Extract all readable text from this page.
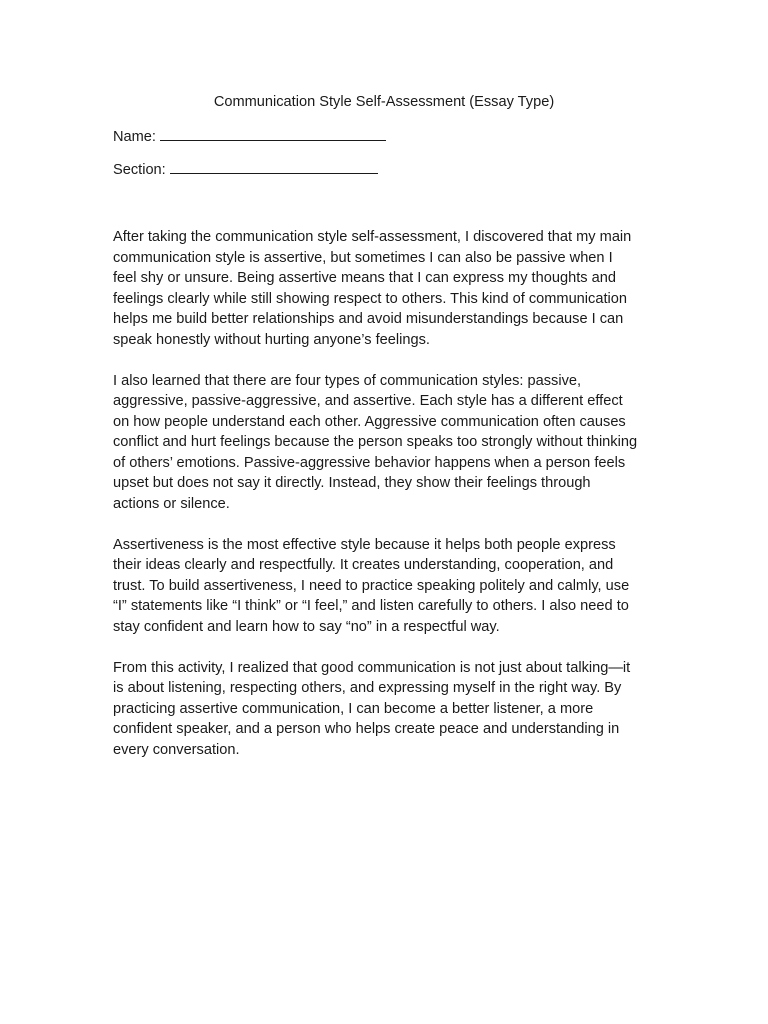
Communication Style Self-Assessment (Essay Type)
Name:
Section:

After taking the communication style self-assessment, I discovered that my main
communication style is assertive, but sometimes I can also be passive when I
feel shy or unsure. Being assertive means that I can express my thoughts and
feelings clearly while still showing respect to others. This kind of communication
helps me build better relationships and avoid misunderstandings because I can
speak honestly without hurting anyone’s feelings.

I also learned that there are four types of communication styles: passive,
aggressive, passive-aggressive, and assertive. Each style has a different effect
on how people understand each other. Aggressive communication often causes
conflict and hurt feelings because the person speaks too strongly without thinking
of others’ emotions. Passive-aggressive behavior happens when a person feels
upset but does not say it directly. Instead, they show their feelings through
actions or silence.

Assertiveness is the most effective style because it helps both people express
their ideas clearly and respectfully. It creates understanding, cooperation, and
trust. To build assertiveness, I need to practice speaking politely and calmly, use
“I” statements like “I think” or “I feel,” and listen carefully to others. I also need to
stay confident and learn how to say “no” in a respectful way.

From this activity, I realized that good communication is not just about talking—it
is about listening, respecting others, and expressing myself in the right way. By
practicing assertive communication, I can become a better listener, a more
confident speaker, and a person who helps create peace and understanding in
every conversation.
